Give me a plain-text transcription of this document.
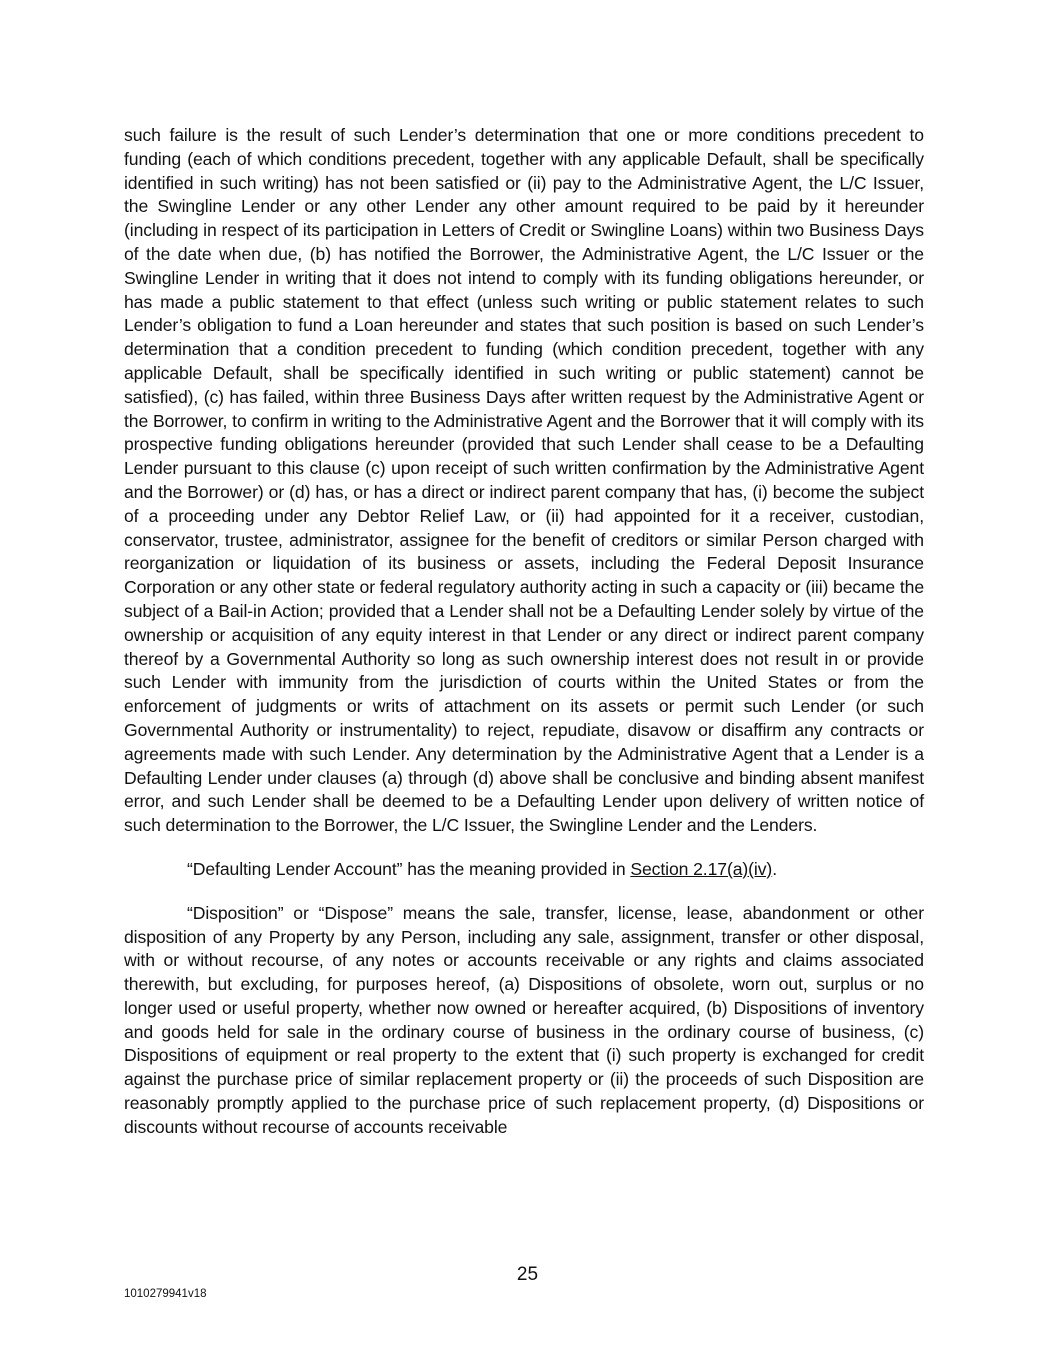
such failure is the result of such Lender’s determination that one or more conditions precedent to funding (each of which conditions precedent, together with any applicable Default, shall be specifically identified in such writing) has not been satisfied or (ii) pay to the Administrative Agent, the L/C Issuer, the Swingline Lender or any other Lender any other amount required to be paid by it hereunder (including in respect of its participation in Letters of Credit or Swingline Loans) within two Business Days of the date when due, (b) has notified the Borrower, the Administrative Agent, the L/C Issuer or the Swingline Lender in writing that it does not intend to comply with its funding obligations hereunder, or has made a public statement to that effect (unless such writing or public statement relates to such Lender’s obligation to fund a Loan hereunder and states that such position is based on such Lender’s determination that a condition precedent to funding (which condition precedent, together with any applicable Default, shall be specifically identified in such writing or public statement) cannot be satisfied), (c) has failed, within three Business Days after written request by the Administrative Agent or the Borrower, to confirm in writing to the Administrative Agent and the Borrower that it will comply with its prospective funding obligations hereunder (provided that such Lender shall cease to be a Defaulting Lender pursuant to this clause (c) upon receipt of such written confirmation by the Administrative Agent and the Borrower) or (d) has, or has a direct or indirect parent company that has, (i) become the subject of a proceeding under any Debtor Relief Law, or (ii) had appointed for it a receiver, custodian, conservator, trustee, administrator, assignee for the benefit of creditors or similar Person charged with reorganization or liquidation of its business or assets, including the Federal Deposit Insurance Corporation or any other state or federal regulatory authority acting in such a capacity or (iii) became the subject of a Bail-in Action; provided that a Lender shall not be a Defaulting Lender solely by virtue of the ownership or acquisition of any equity interest in that Lender or any direct or indirect parent company thereof by a Governmental Authority so long as such ownership interest does not result in or provide such Lender with immunity from the jurisdiction of courts within the United States or from the enforcement of judgments or writs of attachment on its assets or permit such Lender (or such Governmental Authority or instrumentality) to reject, repudiate, disavow or disaffirm any contracts or agreements made with such Lender. Any determination by the Administrative Agent that a Lender is a Defaulting Lender under clauses (a) through (d) above shall be conclusive and binding absent manifest error, and such Lender shall be deemed to be a Defaulting Lender upon delivery of written notice of such determination to the Borrower, the L/C Issuer, the Swingline Lender and the Lenders.

“Defaulting Lender Account” has the meaning provided in Section 2.17(a)(iv).

“Disposition” or “Dispose” means the sale, transfer, license, lease, abandonment or other disposition of any Property by any Person, including any sale, assignment, transfer or other disposal, with or without recourse, of any notes or accounts receivable or any rights and claims associated therewith, but excluding, for purposes hereof, (a) Dispositions of obsolete, worn out, surplus or no longer used or useful property, whether now owned or hereafter acquired, (b) Dispositions of inventory and goods held for sale in the ordinary course of business in the ordinary course of business, (c) Dispositions of equipment or real property to the extent that (i) such property is exchanged for credit against the purchase price of similar replacement property or (ii) the proceeds of such Disposition are reasonably promptly applied to the purchase price of such replacement property, (d) Dispositions or discounts without recourse of accounts receivable

25
1010279941v18
